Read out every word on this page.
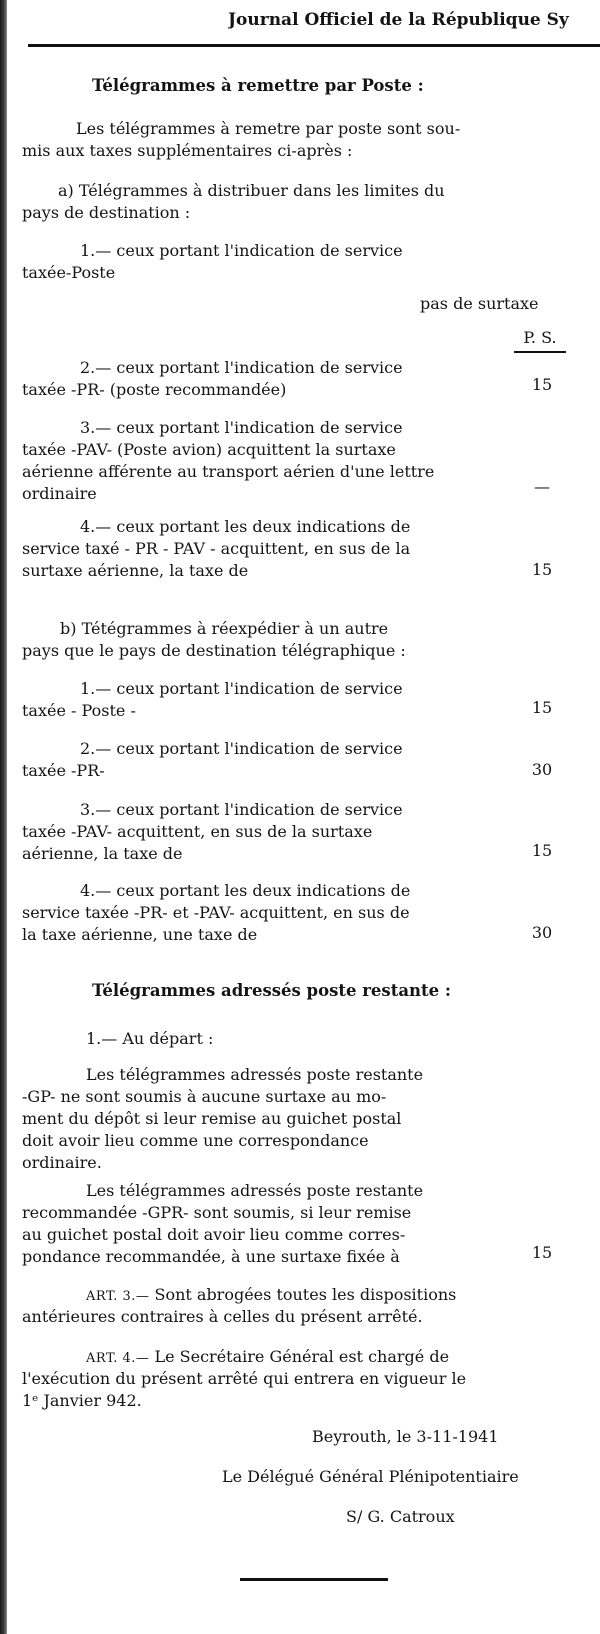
Journal Officiel de la République Sy
Télégrammes à remettre par Poste :
Les télégrammes à remetre par poste sont sou-
mis aux taxes supplémentaires ci-après :
a) Télégrammes à distribuer dans les limites du
pays de destination :
1.— ceux portant l'indication de service
taxée-Poste
pas de surtaxe
P. S.
2.— ceux portant l'indication de service
taxée -PR- (poste recommandée)	15
3.— ceux portant l'indication de service
taxée -PAV- (Poste avion) acquittent la surtaxe
aérienne afférente au transport aérien d'une lettre
ordinaire	—
4.— ceux portant les deux indications de
service taxé - PR - PAV - acquittent, en sus de la
surtaxe aérienne, la taxe de	15
b) Tétégrammes à réexpédier à un autre
pays que le pays de destination télégraphique :
1.— ceux portant l'indication de service
taxée - Poste -	15
2.— ceux portant l'indication de service
taxée -PR-	30
3.— ceux portant l'indication de service
taxée -PAV- acquittent, en sus de la surtaxe
aérienne, la taxe de	15
4.— ceux portant les deux indications de
service taxée -PR- et -PAV- acquittent, en sus de
la taxe aérienne, une taxe de	30
Télégrammes adressés poste restante :
1.— Au départ :
Les télégrammes adressés poste restante
-GP- ne sont soumis à aucune surtaxe au mo-
ment du dépôt si leur remise au guichet postal
doit avoir lieu comme une correspondance
ordinaire.
Les télégrammes adressés poste restante
recommandée -GPR- sont soumis, si leur remise
au guichet postal doit avoir lieu comme corres-
pondance recommandée, à une surtaxe fixée à	15
ART. 3.— Sont abrogées toutes les dispositions
antérieures contraires à celles du présent arrêté.
ART. 4.— Le Secrétaire Général est chargé de
l'exécution du présent arrêté qui entrera en vigueur le
1ᵉ Janvier 942.
Beyrouth, le 3-11-1941
Le Délégué Général Plénipotentiaire
S/ G. Catroux
